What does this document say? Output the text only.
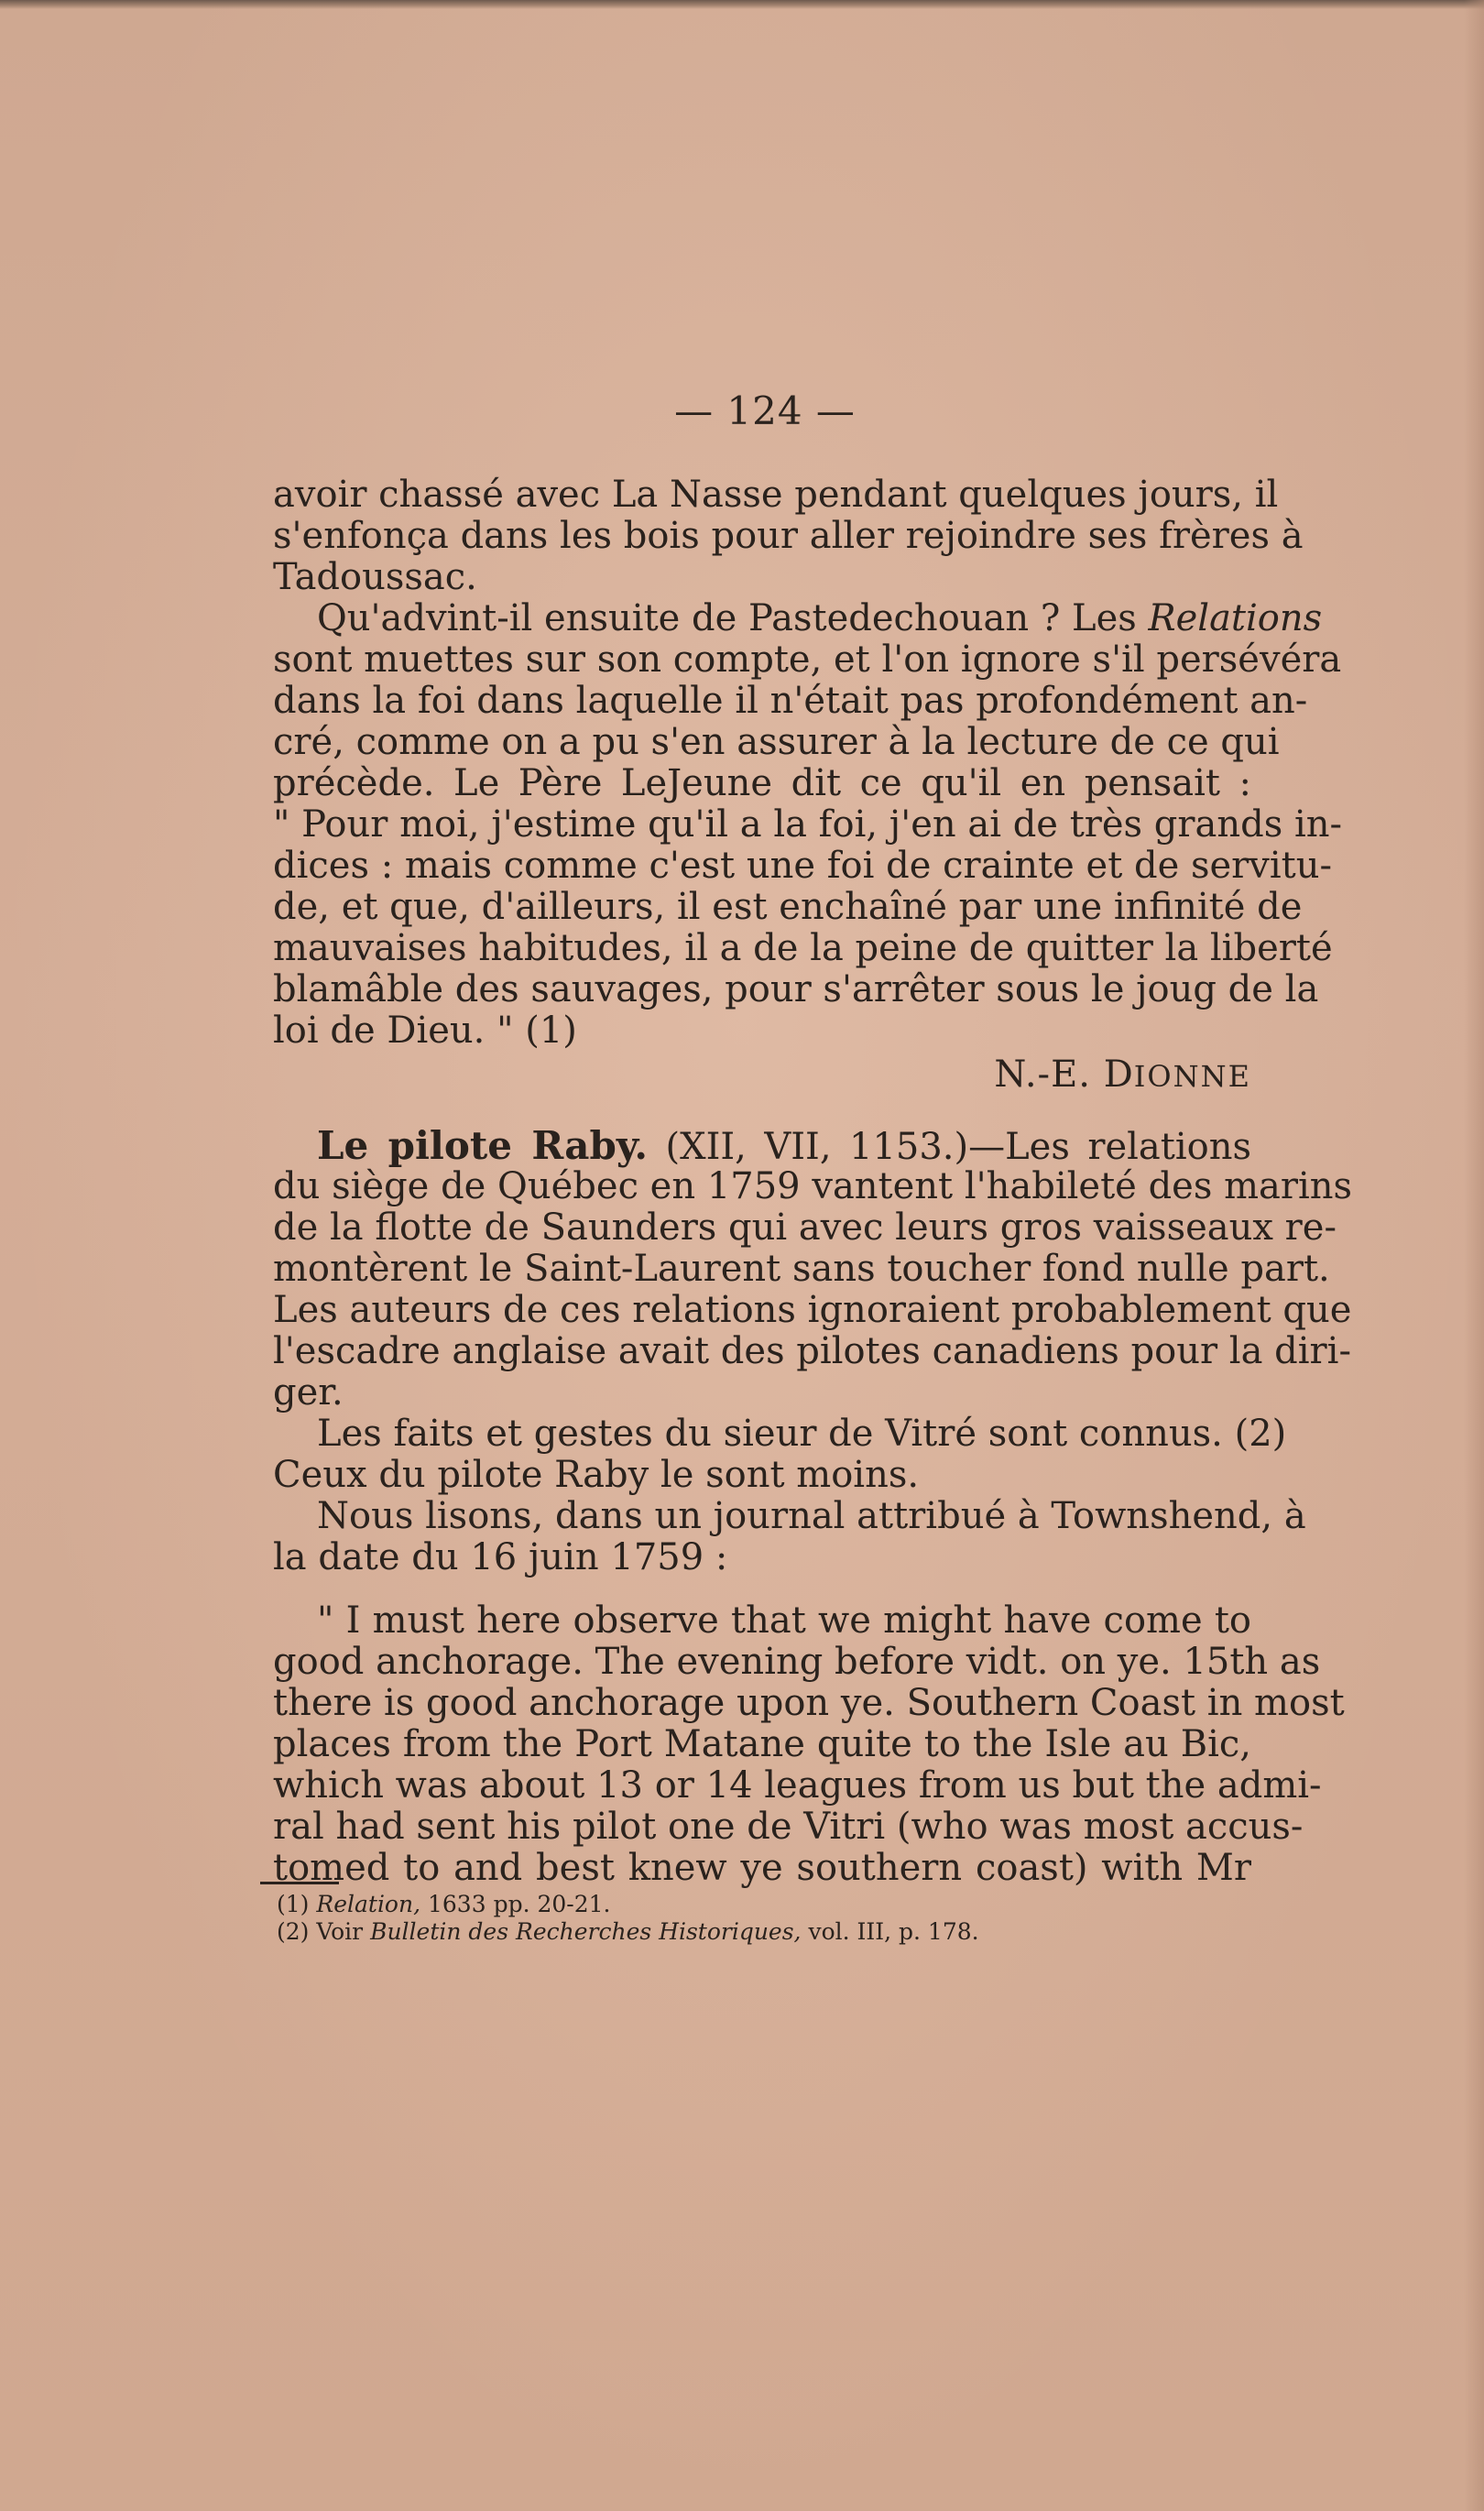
— 124 —
avoir chassé avec La Nasse pendant quelques jours, il
s'enfonça dans les bois pour aller rejoindre ses frères à
Tadoussac.
Qu'advint-il ensuite de Pastedechouan ? Les Relations
sont muettes sur son compte, et l'on ignore s'il persévéra
dans la foi dans laquelle il n'était pas profondément an-
cré, comme on a pu s'en assurer à la lecture de ce qui
précède. Le Père LeJeune dit ce qu'il en pensait :
" Pour moi, j'estime qu'il a la foi, j'en ai de très grands in-
dices : mais comme c'est une foi de crainte et de servitu-
de, et que, d'ailleurs, il est enchaîné par une infinité de
mauvaises habitudes, il a de la peine de quitter la liberté
blamâble des sauvages, pour s'arrêter sous le joug de la
loi de Dieu. " (1)
N.-E. DIONNE
Le pilote Raby. (XII, VII, 1153.)—Les relations
du siège de Québec en 1759 vantent l'habileté des marins
de la flotte de Saunders qui avec leurs gros vaisseaux re-
montèrent le Saint-Laurent sans toucher fond nulle part.
Les auteurs de ces relations ignoraient probablement que
l'escadre anglaise avait des pilotes canadiens pour la diri-
ger.
Les faits et gestes du sieur de Vitré sont connus. (2)
Ceux du pilote Raby le sont moins.
Nous lisons, dans un journal attribué à Townshend, à
la date du 16 juin 1759 :
" I must here observe that we might have come to
good anchorage. The evening before vidt. on ye. 15th as
there is good anchorage upon ye. Southern Coast in most
places from the Port Matane quite to the Isle au Bic,
which was about 13 or 14 leagues from us but the admi-
ral had sent his pilot one de Vitri (who was most accus-
tomed to and best knew ye southern coast) with Mr
(1) Relation, 1633 pp. 20-21.
(2) Voir Bulletin des Recherches Historiques, vol. III, p. 178.
